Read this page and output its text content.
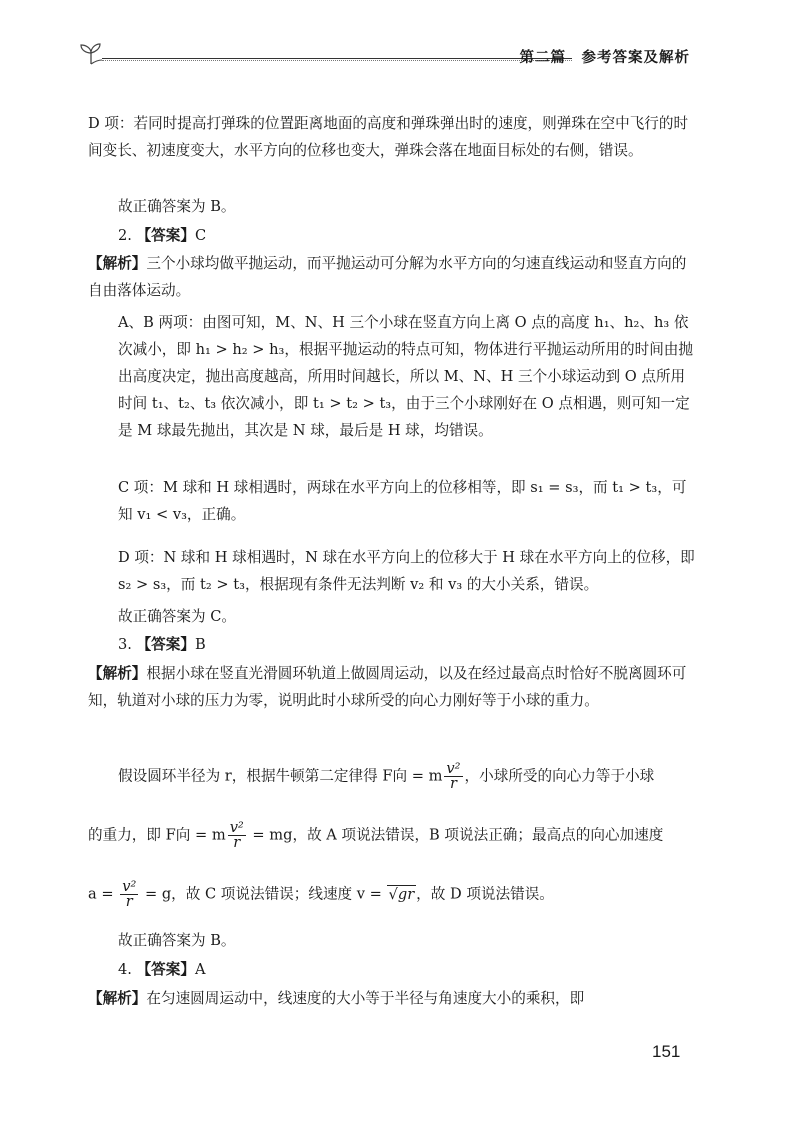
第二篇　参考答案及解析

D 项：若同时提高打弹珠的位置距离地面的高度和弹珠弹出时的速度，则弹珠在空中飞行的时间变长、初速度变大，水平方向的位移也变大，弹珠会落在地面目标处的右侧，错误。

故正确答案为 B。

2. 【答案】C

【解析】三个小球均做平抛运动，而平抛运动可分解为水平方向的匀速直线运动和竖直方向的自由落体运动。

A、B 两项：由图可知，M、N、H 三个小球在竖直方向上离 O 点的高度 h₁、h₂、h₃ 依次减小，即 h₁ > h₂ > h₃，根据平抛运动的特点可知，物体进行平抛运动所用的时间由抛出高度决定，抛出高度越高，所用时间越长，所以 M、N、H 三个小球运动到 O 点所用时间 t₁、t₂、t₃ 依次减小，即 t₁ > t₂ > t₃，由于三个小球刚好在 O 点相遇，则可知一定是 M 球最先抛出，其次是 N 球，最后是 H 球，均错误。

C 项：M 球和 H 球相遇时，两球在水平方向上的位移相等，即 s₁ = s₃，而 t₁ > t₃，可知 v₁ < v₃，正确。

D 项：N 球和 H 球相遇时，N 球在水平方向上的位移大于 H 球在水平方向上的位移，即 s₂ > s₃，而 t₂ > t₃，根据现有条件无法判断 v₂ 和 v₃ 的大小关系，错误。

故正确答案为 C。

3. 【答案】B

【解析】根据小球在竖直光滑圆环轨道上做圆周运动，以及在经过最高点时恰好不脱离圆环可知，轨道对小球的压力为零，说明此时小球所受的向心力刚好等于小球的重力。

假设圆环半径为 r，根据牛顿第二定律得 F向 = m $\frac{\text{v²}}{r}$ ，小球所受的向心力等于小球

的重力，即 F向 = m $\frac{\text{v²}}{r}$ = mg，故 A 项说法错误，B 项说法正确；最高点的向心加速度

$a = \frac{\text{v²}}{r} = g$，故 C 项说法错误；线速度 v = √gr ，故 D 项说法错误。

故正确答案为 B。

4. 【答案】A

【解析】在匀速圆周运动中，线速度的大小等于半径与角速度大小的乘积，即

151
